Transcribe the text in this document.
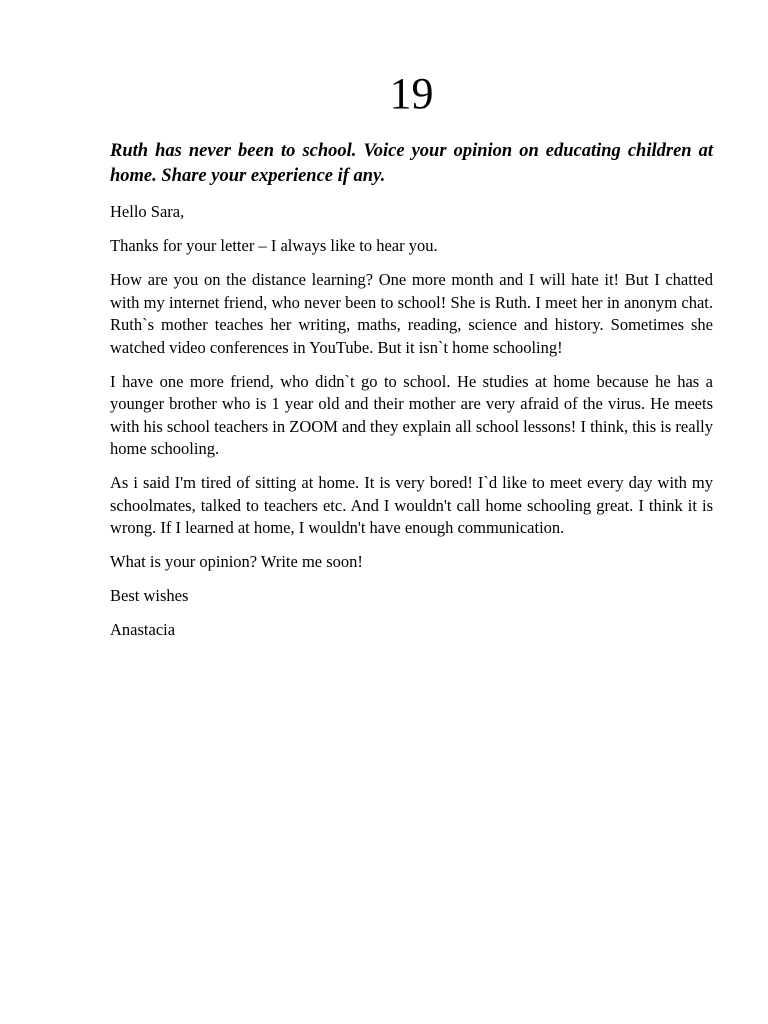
19

Ruth has never been to school. Voice your opinion on educating children at home. Share your experience if any.

Hello Sara,

Thanks for your letter – I always like to hear you.

How are you on the distance learning? One more month and I will hate it! But I chatted with my internet friend, who never been to school! She is Ruth. I meet her in anonym chat. Ruth`s mother teaches her writing, maths, reading, science and history. Sometimes she watched video conferences in YouTube. But it isn`t home schooling!

I have one more friend, who didn`t go to school. He studies at home because he has a younger brother who is 1 year old and their mother are very afraid of the virus. He meets with his school teachers in ZOOM and they explain all school lessons! I think, this is really home schooling.

As i said I'm tired of sitting at home. It is very bored! I`d like to meet every day with my schoolmates, talked to teachers etc. And I wouldn't call home schooling great. I think it is wrong. If I learned at home, I wouldn't have enough communication.

What is your opinion? Write me soon!

Best wishes

Anastacia
